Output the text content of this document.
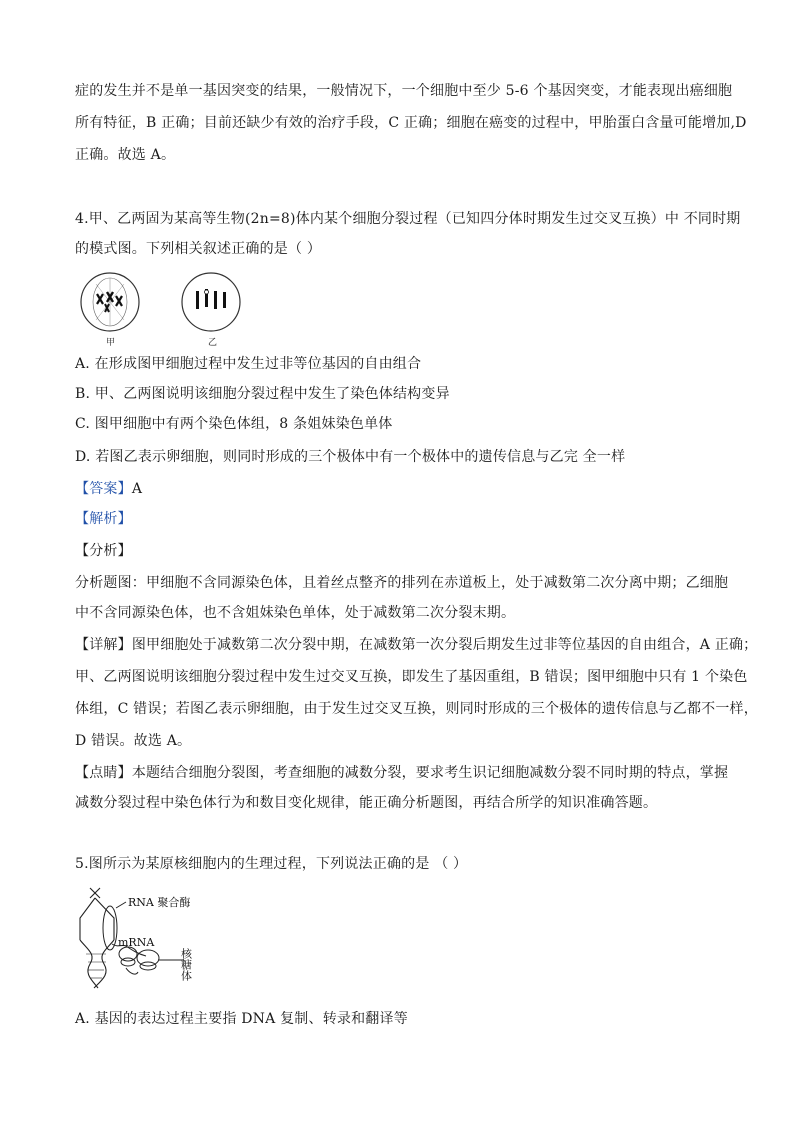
症的发生并不是单一基因突变的结果，一般情况下，一个细胞中至少 5-6 个基因突变，才能表现出癌细胞
所有特征，B 正确；目前还缺少有效的治疗手段，C 正确；细胞在癌变的过程中，甲胎蛋白含量可能增加,D
正确。故选 A。
4.甲、乙两固为某高等生物(2n=8)体内某个细胞分裂过程（已知四分体时期发生过交叉互换）中 不同时期
的模式图。下列相关叙述正确的是（ ）
甲	乙
A. 在形成图甲细胞过程中发生过非等位基因的自由组合
B. 甲、乙两图说明该细胞分裂过程中发生了染色体结构变异
C. 图甲细胞中有两个染色体组，8 条姐妹染色单体
D. 若图乙表示卵细胞，则同时形成的三个极体中有一个极体中的遗传信息与乙完 全一样
【答案】A
【解析】
【分析】
分析题图：甲细胞不含同源染色体，且着丝点整齐的排列在赤道板上，处于减数第二次分离中期；乙细胞
中不含同源染色体，也不含姐妹染色单体，处于减数第二次分裂末期。
【详解】图甲细胞处于减数第二次分裂中期，在减数第一次分裂后期发生过非等位基因的自由组合，A 正确；
甲、乙两图说明该细胞分裂过程中发生过交叉互换，即发生了基因重组，B 错误；图甲细胞中只有 1 个染色
体组，C 错误；若图乙表示卵细胞，由于发生过交叉互换，则同时形成的三个极体的遗传信息与乙都不一样，
D 错误。故选 A。
【点睛】本题结合细胞分裂图，考查细胞的减数分裂，要求考生识记细胞减数分裂不同时期的特点，掌握
减数分裂过程中染色体行为和数目变化规律，能正确分析题图，再结合所学的知识准确答题。
5.图所示为某原核细胞内的生理过程，下列说法正确的是 （ ）
RNA 聚合酶
mRNA
核糖体
A. 基因的表达过程主要指 DNA 复制、转录和翻译等
